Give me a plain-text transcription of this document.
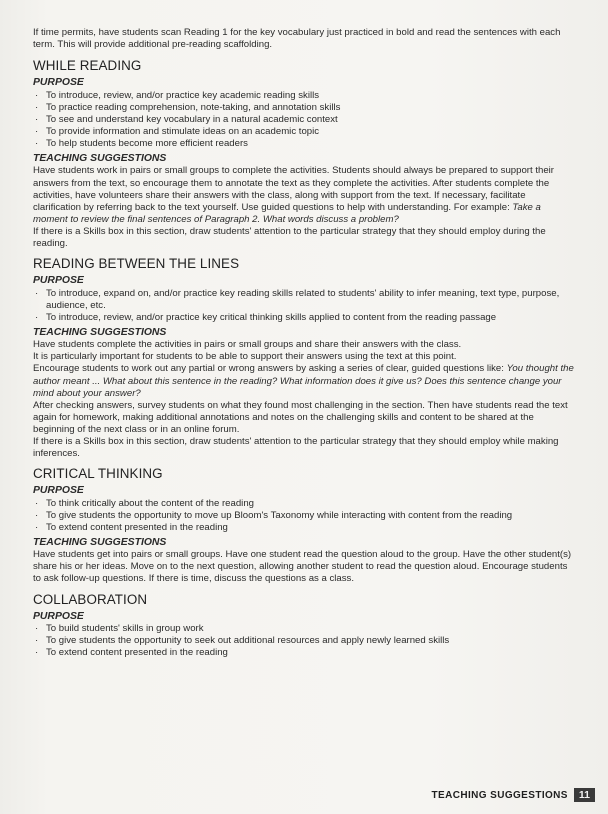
If time permits, have students scan Reading 1 for the key vocabulary just practiced in bold and read the sentences with each term. This will provide additional pre-reading scaffolding.

WHILE READING
PURPOSE
· To introduce, review, and/or practice key academic reading skills
· To practice reading comprehension, note-taking, and annotation skills
· To see and understand key vocabulary in a natural academic context
· To provide information and stimulate ideas on an academic topic
· To help students become more efficient readers
TEACHING SUGGESTIONS

Have students work in pairs or small groups to complete the activities. Students should always be prepared to support their answers from the text, so encourage them to annotate the text as they complete the activities. After students complete the activities, have volunteers share their answers with the class, along with support from the text. If necessary, facilitate clarification by referring back to the text yourself. Use guided questions to help with understanding. For example: Take a moment to review the final sentences of Paragraph 2. What words discuss a problem?

If there is a Skills box in this section, draw students' attention to the particular strategy that they should employ during the reading.

READING BETWEEN THE LINES
PURPOSE
· To introduce, expand on, and/or practice key reading skills related to students' ability to infer meaning, text type, purpose, audience, etc.
· To introduce, review, and/or practice key critical thinking skills applied to content from the reading passage
TEACHING SUGGESTIONS

Have students complete the activities in pairs or small groups and share their answers with the class.

It is particularly important for students to be able to support their answers using the text at this point.

Encourage students to work out any partial or wrong answers by asking a series of clear, guided questions like: You thought the author meant ... What about this sentence in the reading? What information does it give us? Does this sentence change your mind about your answer?

After checking answers, survey students on what they found most challenging in the section. Then have students read the text again for homework, making additional annotations and notes on the challenging skills and content to be shared at the beginning of the next class or in an online forum.

If there is a Skills box in this section, draw students' attention to the particular strategy that they should employ while making inferences.

CRITICAL THINKING
PURPOSE
· To think critically about the content of the reading
· To give students the opportunity to move up Bloom's Taxonomy while interacting with content from the reading
· To extend content presented in the reading
TEACHING SUGGESTIONS

Have students get into pairs or small groups. Have one student read the question aloud to the group. Have the other student(s) share his or her ideas. Move on to the next question, allowing another student to read the question aloud. Encourage students to ask follow-up questions. If there is time, discuss the questions as a class.

COLLABORATION
PURPOSE
· To build students' skills in group work
· To give students the opportunity to seek out additional resources and apply newly learned skills
· To extend content presented in the reading
TEACHING SUGGESTIONS	11
